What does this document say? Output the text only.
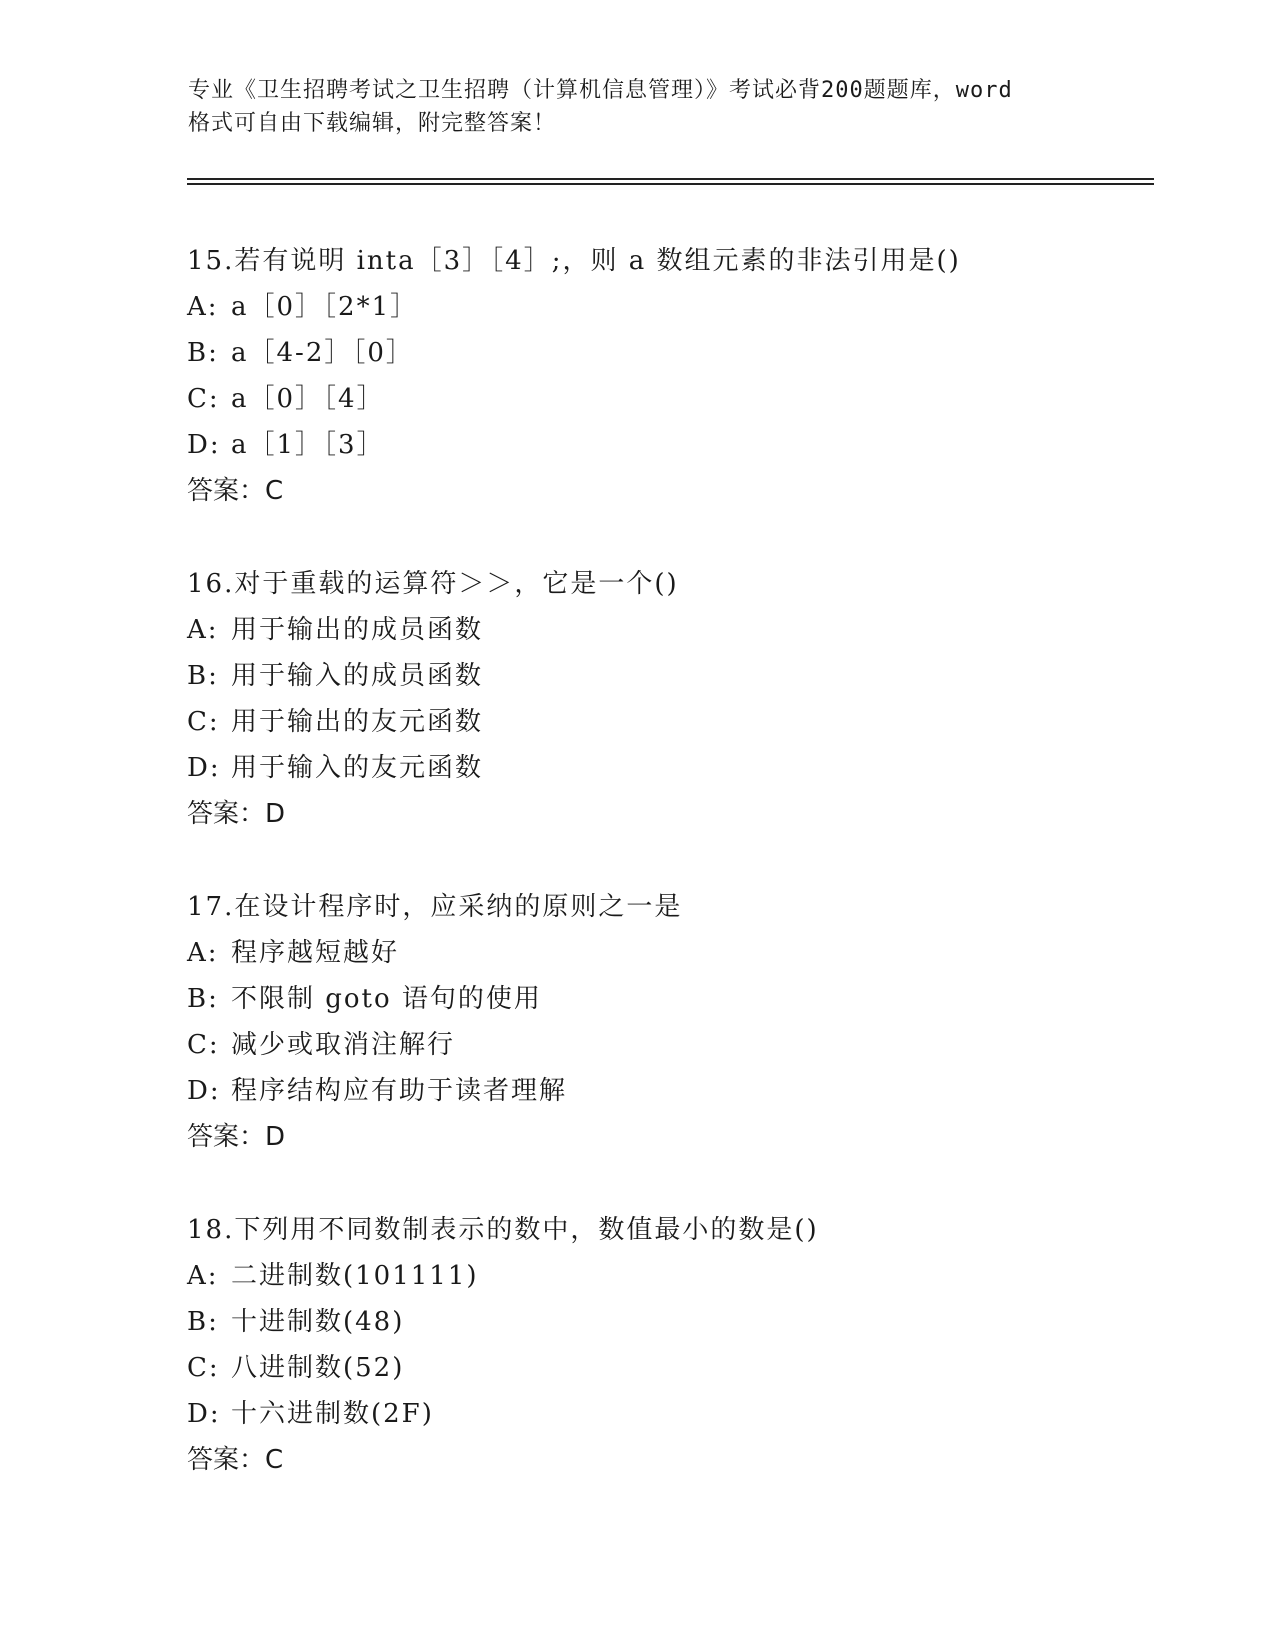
专业《卫生招聘考试之卫生招聘（计算机信息管理）》考试必背200题题库，word
格式可自由下载编辑，附完整答案！
15.若有说明 inta［3］［4］;，则 a 数组元素的非法引用是()
A: a［0］［2*1］
B: a［4-2］［0］
C: a［0］［4］
D: a［1］［3］
答案：C
16.对于重载的运算符＞＞，它是一个()
A: 用于输出的成员函数
B: 用于输入的成员函数
C: 用于输出的友元函数
D: 用于输入的友元函数
答案：D
17.在设计程序时，应采纳的原则之一是
A: 程序越短越好
B: 不限制 goto 语句的使用
C: 减少或取消注解行
D: 程序结构应有助于读者理解
答案：D
18.下列用不同数制表示的数中，数值最小的数是()
A: 二进制数(101111)
B: 十进制数(48)
C: 八进制数(52)
D: 十六进制数(2F)
答案：C
